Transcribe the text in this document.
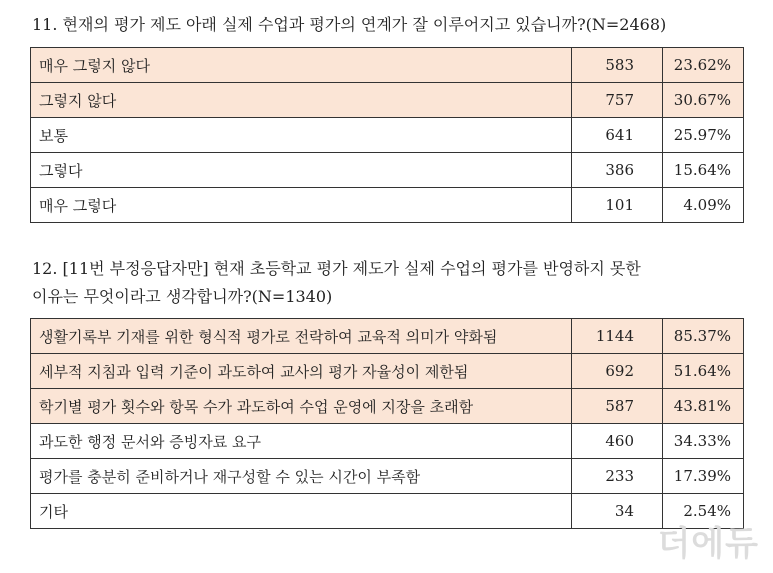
11. 현재의 평가 제도 아래 실제 수업과 평가의 연계가 잘 이루어지고 있습니까?(N=2468)
매우 그렇지 않다	583	23.62%
그렇지 않다	757	30.67%
보통	641	25.97%
그렇다	386	15.64%
매우 그렇다	101	4.09%
12. [11번 부정응답자만] 현재 초등학교 평가 제도가 실제 수업의 평가를 반영하지 못한
이유는 무엇이라고 생각합니까?(N=1340)
생활기록부 기재를 위한 형식적 평가로 전락하여 교육적 의미가 약화됨	1144	85.37%
세부적 지침과 입력 기준이 과도하여 교사의 평가 자율성이 제한됨	692	51.64%
학기별 평가 횟수와 항목 수가 과도하여 수업 운영에 지장을 초래함	587	43.81%
과도한 행정 문서와 증빙자료 요구	460	34.33%
평가를 충분히 준비하거나 재구성할 수 있는 시간이 부족함	233	17.39%
기타	34	2.54%
더에듀
